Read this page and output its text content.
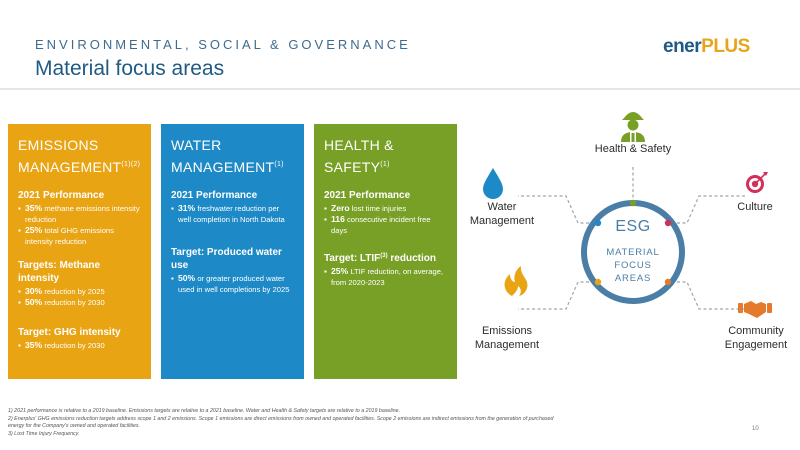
ENVIRONMENTAL, SOCIAL & GOVERNANCE
Material focus areas
enerPLUS
EMISSIONS $MANAGEMENT^{(1)(2)}$
2021 Performance
▪ 35% methane emissions intensity reduction
▪ 25% total GHG emissions intensity reduction
Targets: Methane intensity
▪ 30% reduction by 2025
▪ 50% reduction by 2030
Target: GHG intensity
▪ 35% reduction by 2030
WATER MANAGEMENT$^{(1)}$
2021 Performance
▪ 31% freshwater reduction per well completion in North Dakota
Target: Produced water use
▪ 50% or greater produced water used in well completions by 2025
HEALTH & SAFETY$^{(1)}$
2021 Performance
▪ Zero lost time injuries
▪ 116 consecutive incident free days
Target: LTIF$^{(3)}$ reduction
▪ 25% LTIF reduction, on average, from 2020-2023
ESG
MATERIAL
FOCUS
AREAS
Health & Safety
Water
Management
Culture
Emissions
Management
Community
Engagement

1) 2021 performance is relative to a 2019 baseline. Emissions targets are relative to a 2021 baseline. Water and Health & Safety targets are relative to a 2019 baseline.

2) Enerplus' GHG emissions reduction targets address scope 1 and 2 emissions. Scope 1 emissions are direct emissions from owned and operated facilities. Scope 2 emissions are indirect emissions from the generation of purchased

energy for the Company's owned and operated facilities.

3) Lost Time Injury Frequency.

10
